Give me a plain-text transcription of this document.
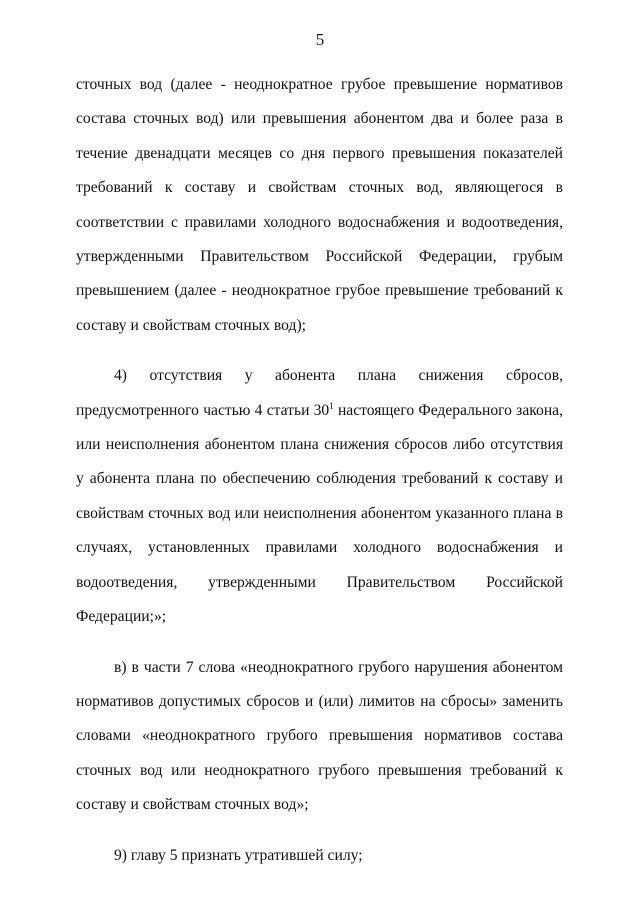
5

сточных вод (далее - неоднократное грубое превышение нормативов состава сточных вод) или превышения абонентом два и более раза в течение двенадцати месяцев со дня первого превышения показателей требований к составу и свойствам сточных вод, являющегося в соответствии с правилами холодного водоснабжения и водоотведения, утвержденными Правительством Российской Федерации, грубым превышением (далее - неоднократное грубое превышение требований к составу и свойствам сточных вод);

4) отсутствия у абонента плана снижения сбросов, предусмотренного частью 4 статьи $30^1$ настоящего Федерального закона, или неисполнения абонентом плана снижения сбросов либо отсутствия у абонента плана по обеспечению соблюдения требований к составу и свойствам сточных вод или неисполнения абонентом указанного плана в случаях, установленных правилами холодного водоснабжения и водоотведения, утвержденными Правительством Российской Федерации;»;

в) в части 7 слова «неоднократного грубого нарушения абонентом нормативов допустимых сбросов и (или) лимитов на сбросы» заменить словами «неоднократного грубого превышения нормативов состава сточных вод или неоднократного грубого превышения требований к составу и свойствам сточных вод»;

9) главу 5 признать утратившей силу;
